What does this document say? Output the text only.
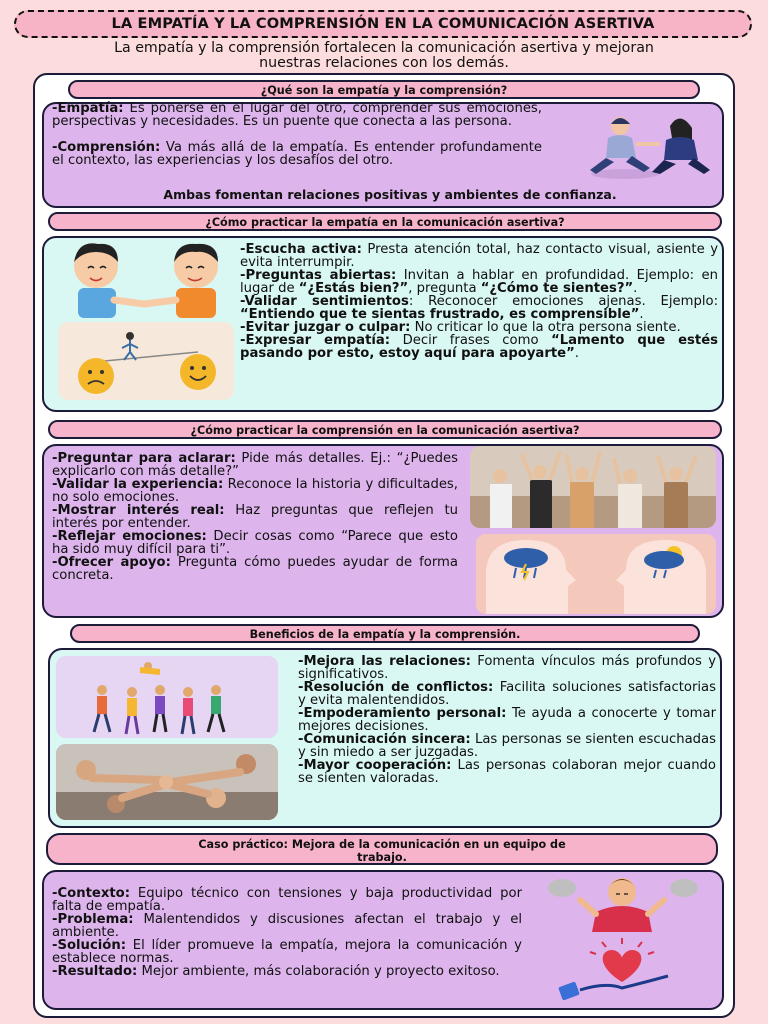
LA EMPATÍA Y LA COMPRENSIÓN EN LA COMUNICACIÓN ASERTIVA
La empatía y la comprensión fortalecen la comunicación asertiva y mejoran
nuestras relaciones con los demás.
¿Qué son la empatía y la comprensión?

-Empatía: Es ponerse en el lugar del otro, comprender sus emociones, perspectivas y necesidades. Es un puente que conecta a las persona.

-Comprensión: Va más allá de la empatía. Es entender profundamente el contexto, las experiencias y los desafíos del otro.

Ambas fomentan relaciones positivas y ambientes de confianza.
¿Cómo practicar la empatía en la comunicación asertiva?

-Escucha activa: Presta atención total, haz contacto visual, asiente y evita interrumpir.

-Preguntas abiertas: Invitan a hablar en profundidad. Ejemplo: en lugar de “¿Estás bien?”, pregunta “¿Cómo te sientes?”.

-Validar sentimientos: Reconocer emociones ajenas. Ejemplo: “Entiendo que te sientas frustrado, es comprensible”.

-Evitar juzgar o culpar: No criticar lo que la otra persona siente.

-Expresar empatía: Decir frases como “Lamento que estés pasando por esto, estoy aquí para apoyarte”.

¿Cómo practicar la comprensión en la comunicación asertiva?

-Preguntar para aclarar: Pide más detalles. Ej.: “¿Puedes explicarlo con más detalle?”

-Validar la experiencia: Reconoce la historia y dificultades, no solo emociones.

-Mostrar interés real: Haz preguntas que reflejen tu interés por entender.

-Reflejar emociones: Decir cosas como “Parece que esto ha sido muy difícil para ti”.

-Ofrecer apoyo: Pregunta cómo puedes ayudar de forma concreta.

Beneficios de la empatía y la comprensión.

-Mejora las relaciones: Fomenta vínculos más profundos y significativos.

-Resolución de conflictos: Facilita soluciones satisfactorias y evita malentendidos.

-Empoderamiento personal: Te ayuda a conocerte y tomar mejores decisiones.

-Comunicación sincera: Las personas se sienten escuchadas y sin miedo a ser juzgadas.

-Mayor cooperación: Las personas colaboran mejor cuando se sienten valoradas.

Caso práctico: Mejora de la comunicación en un equipo de
trabajo.

-Contexto: Equipo técnico con tensiones y baja productividad por falta de empatía.

-Problema: Malentendidos y discusiones afectan el trabajo y el ambiente.

-Solución: El líder promueve la empatía, mejora la comunicación y establece normas.

-Resultado: Mejor ambiente, más colaboración y proyecto exitoso.
